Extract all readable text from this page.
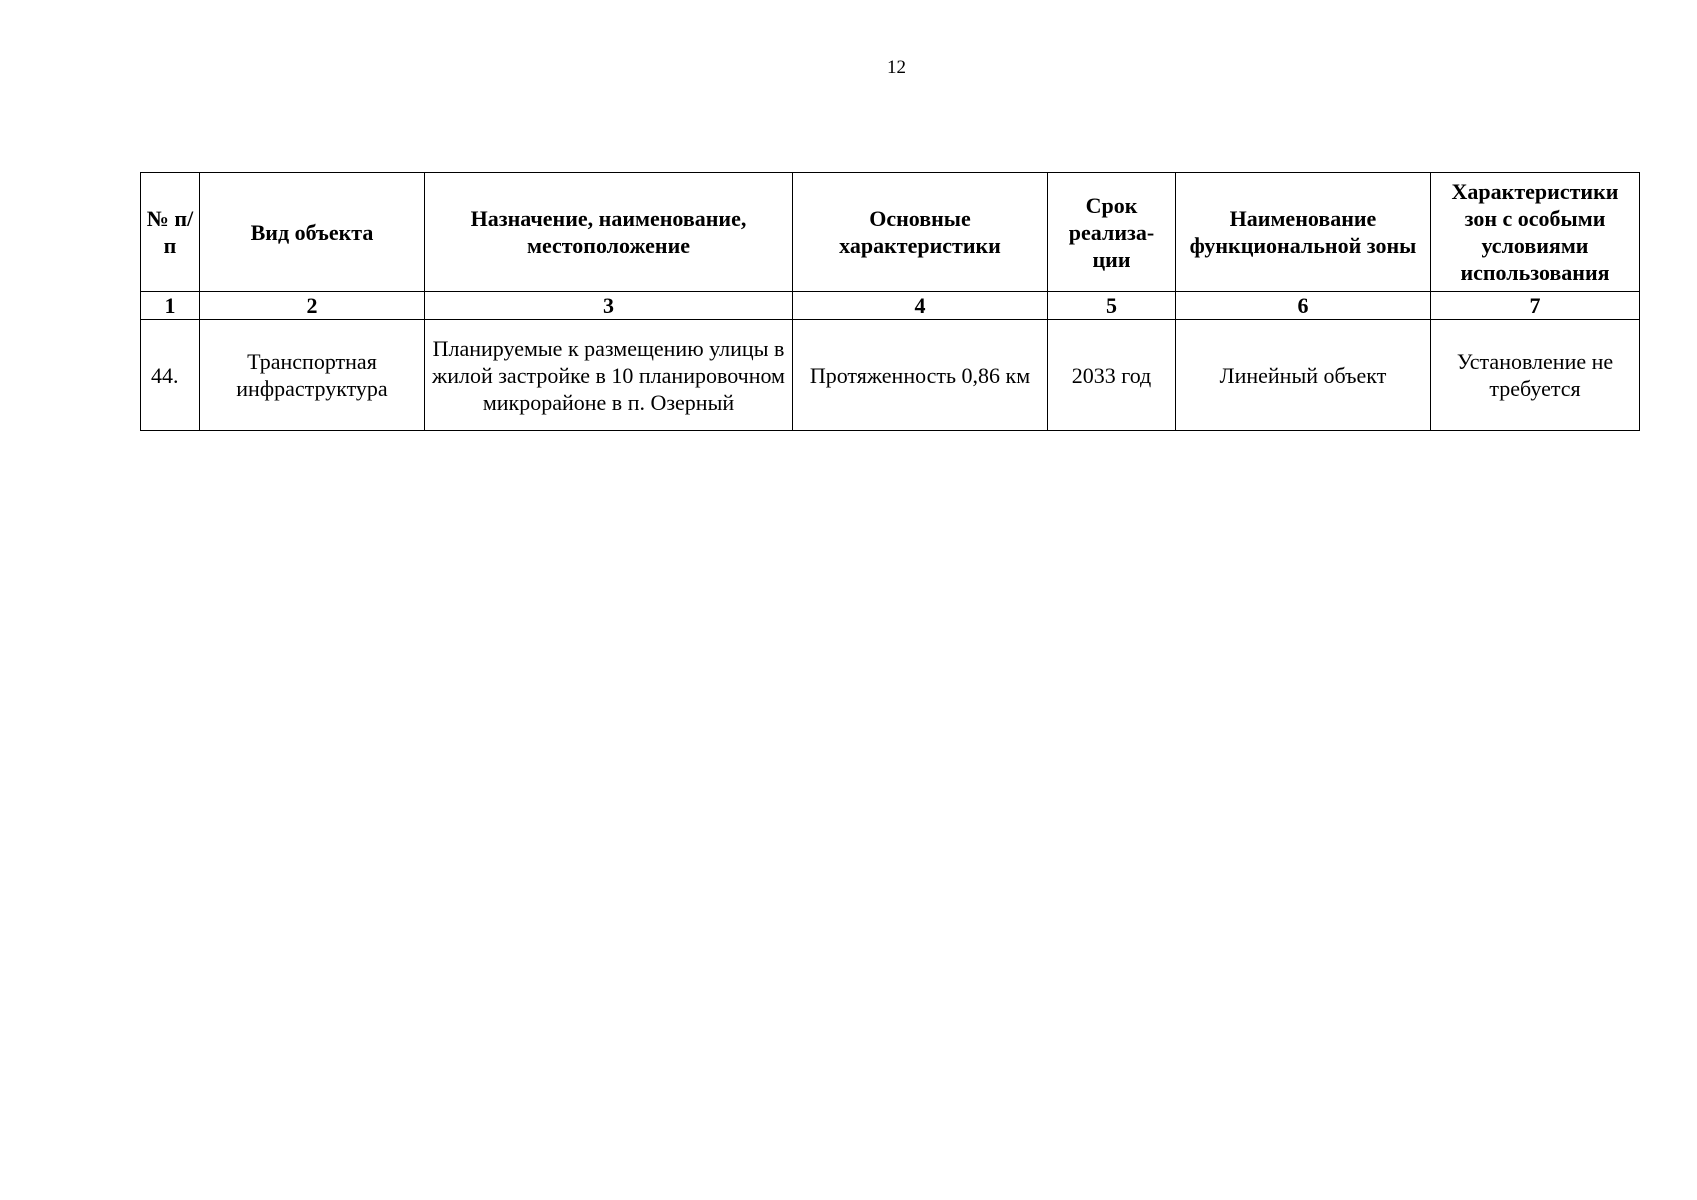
12
№ п/п	Вид объекта	Назначение, наименование, местоположение	Основные характеристики	Срок реализа-ции	Наименование функциональной зоны	Характеристики зон с особыми условиями использования
1	2	3	4	5	6	7
44.	Транспортная инфраструктура	Планируемые к размещению улицы в жилой застройке в 10 планировочном микрорайоне в п. Озерный	Протяженность 0,86 км	2033 год	Линейный объект	Установление не требуется
